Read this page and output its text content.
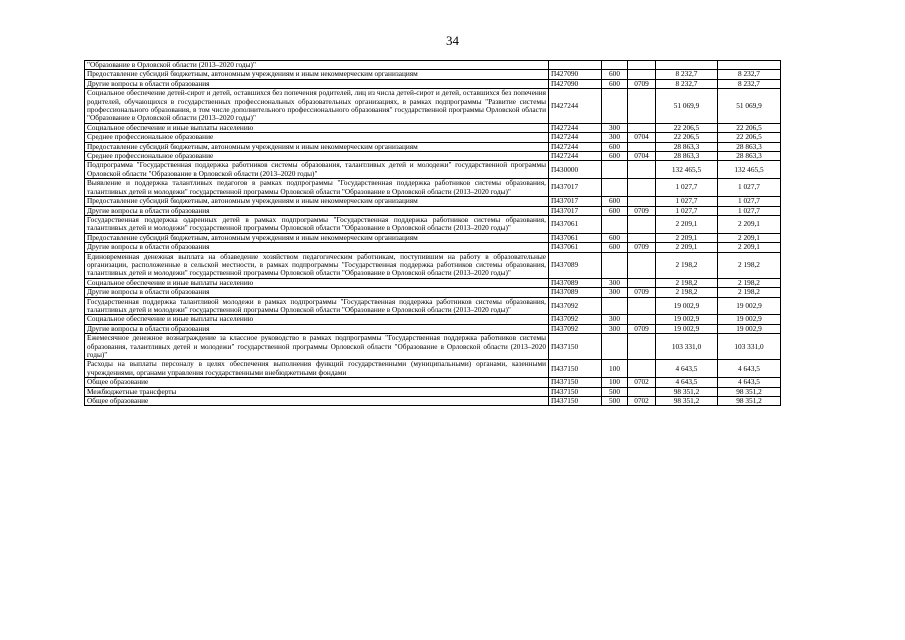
34
"Образование в Орловской области (2013–2020 годы)"					
Предоставление субсидий бюджетным, автономным учреждениям и иным некоммерческим организациям	П427090	600		8 232,7	8 232,7
Другие вопросы в области образования	П427090	600	0709	8 232,7	8 232,7
Социальное обеспечение детей-сирот и детей, оставшихся без попечения родителей, лиц из числа детей-сирот и детей, оставшихся без попечения родителей, обучающихся в государственных профессиональных образовательных организациях, в рамках подпрограммы "Развитие системы профессионального образования, в том числе дополнительного профессионального образования" государственной программы Орловской области "Образование в Орловской области (2013–2020 годы)"	П427244			51 069,9	51 069,9
Социальное обеспечение и иные выплаты населению	П427244	300		22 206,5	22 206,5
Среднее профессиональное образование	П427244	300	0704	22 206,5	22 206,5
Предоставление субсидий бюджетным, автономным учреждениям и иным некоммерческим организациям	П427244	600		28 863,3	28 863,3
Среднее профессиональное образование	П427244	600	0704	28 863,3	28 863,3
Подпрограмма "Государственная поддержка работников системы образования, талантливых детей и молодежи" государственной программы Орловской области "Образование в Орловской области (2013–2020 годы)"	П430000			132 465,5	132 465,5
Выявление и поддержка талантливых педагогов в рамках подпрограммы "Государственная поддержка работников системы образования, талантливых детей и молодежи" государственной программы Орловской области "Образование в Орловской области (2013–2020 годы)"	П437017			1 027,7	1 027,7
Предоставление субсидий бюджетным, автономным учреждениям и иным некоммерческим организациям	П437017	600		1 027,7	1 027,7
Другие вопросы в области образования	П437017	600	0709	1 027,7	1 027,7
Государственная поддержка одаренных детей в рамках подпрограммы "Государственная поддержка работников системы образования, талантливых детей и молодежи" государственной программы Орловской области "Образование в Орловской области (2013–2020 годы)"	П437061			2 209,1	2 209,1
Предоставление субсидий бюджетным, автономным учреждениям и иным некоммерческим организациям	П437061	600		2 209,1	2 209,1
Другие вопросы в области образования	П437061	600	0709	2 209,1	2 209,1
Единовременная денежная выплата на обзаведение хозяйством педагогическим работникам, поступившим на работу в образовательные организации, расположенные в сельской местности, в рамках подпрограммы "Государственная поддержка работников системы образования, талантливых детей и молодежи" государственной программы Орловской области "Образование в Орловской области (2013–2020 годы)"	П437089			2 198,2	2 198,2
Социальное обеспечение и иные выплаты населению	П437089	300		2 198,2	2 198,2
Другие вопросы в области образования	П437089	300	0709	2 198,2	2 198,2
Государственная поддержка талантливой молодежи в рамках подпрограммы "Государственная поддержка работников системы образования, талантливых детей и молодежи" государственной программы Орловской области "Образование в Орловской области (2013–2020 годы)"	П437092			19 002,9	19 002,9
Социальное обеспечение и иные выплаты населению	П437092	300		19 002,9	19 002,9
Другие вопросы в области образования	П437092	300	0709	19 002,9	19 002,9
Ежемесячное денежное вознаграждение за классное руководство в рамках подпрограммы "Государственная поддержка работников системы образования, талантливых детей и молодежи" государственной программы Орловской области "Образование в Орловской области (2013–2020 годы)"	П437150			103 331,0	103 331,0
Расходы на выплаты персоналу в целях обеспечения выполнения функций государственными (муниципальными) органами, казенными учреждениями, органами управления государственными внебюджетными фондами	П437150	100		4 643,5	4 643,5
Общее образование	П437150	100	0702	4 643,5	4 643,5
Межбюджетные трансферты	П437150	500		98 351,2	98 351,2
Общее образование	П437150	500	0702	98 351,2	98 351,2
